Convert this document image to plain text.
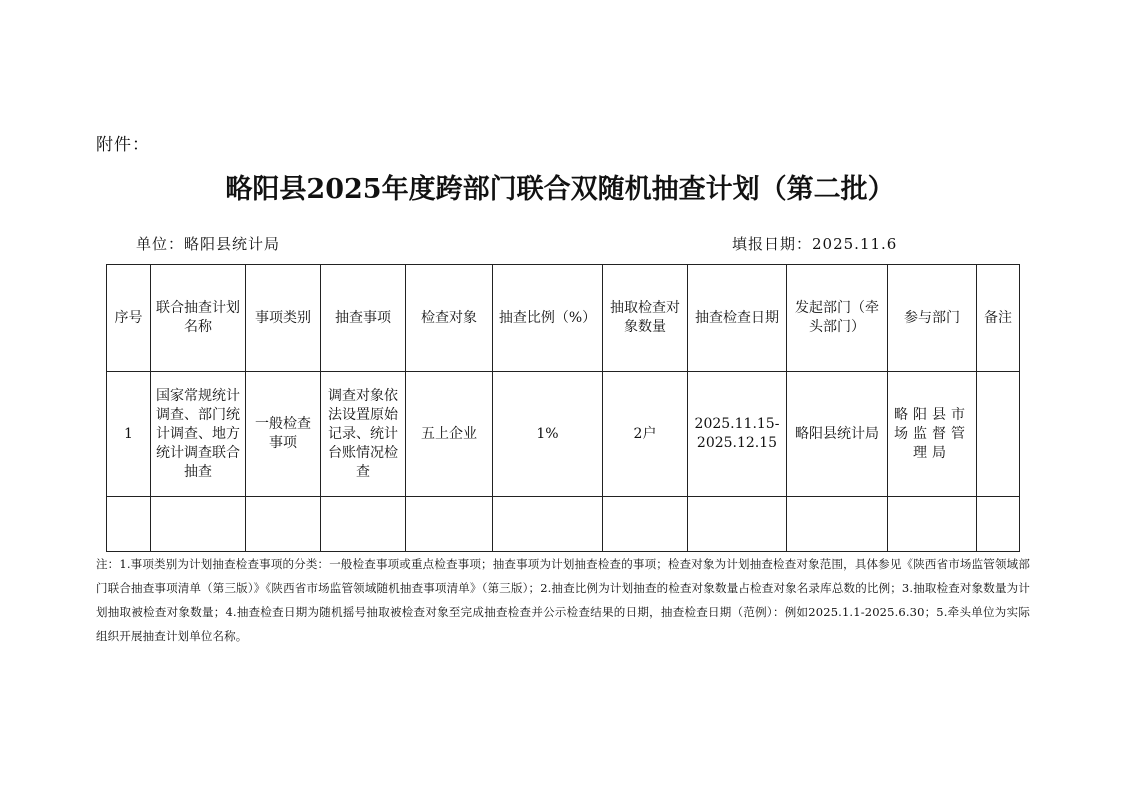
附件：
略阳县2025年度跨部门联合双随机抽查计划（第二批）
单位：略阳县统计局	填报日期：2025.11.6
序号	联合抽查计划名称	事项类别	抽查事项	检查对象	抽查比例（%）	抽取检查对象数量	抽查检查日期	发起部门（牵头部门）	参与部门	备注
1	国家常规统计调查、部门统计调查、地方统计调查联合抽查	一般检查事项	调查对象依法设置原始记录、统计台账情况检查	五上企业	1%	2户	2025.11.15-2025.12.15	略阳县统计局	略阳县市场监督管理局	

注：1.事项类别为计划抽查检查事项的分类：一般检查事项或重点检查事项；抽查事项为计划抽查检查的事项；检查对象为计划抽查检查对象范围，具体参见《陕西省市场监管领域部门联合抽查事项清单（第三版）》《陕西省市场监管领域随机抽查事项清单》（第三版）；2.抽查比例为计划抽查的检查对象数量占检查对象名录库总数的比例；3.抽取检查对象数量为计划抽取被检查对象数量；4.抽查检查日期为随机摇号抽取被检查对象至完成抽查检查并公示检查结果的日期，抽查检查日期（范例）：例如2025.1.1-2025.6.30；5.牵头单位为实际组织开展抽查计划单位名称。
